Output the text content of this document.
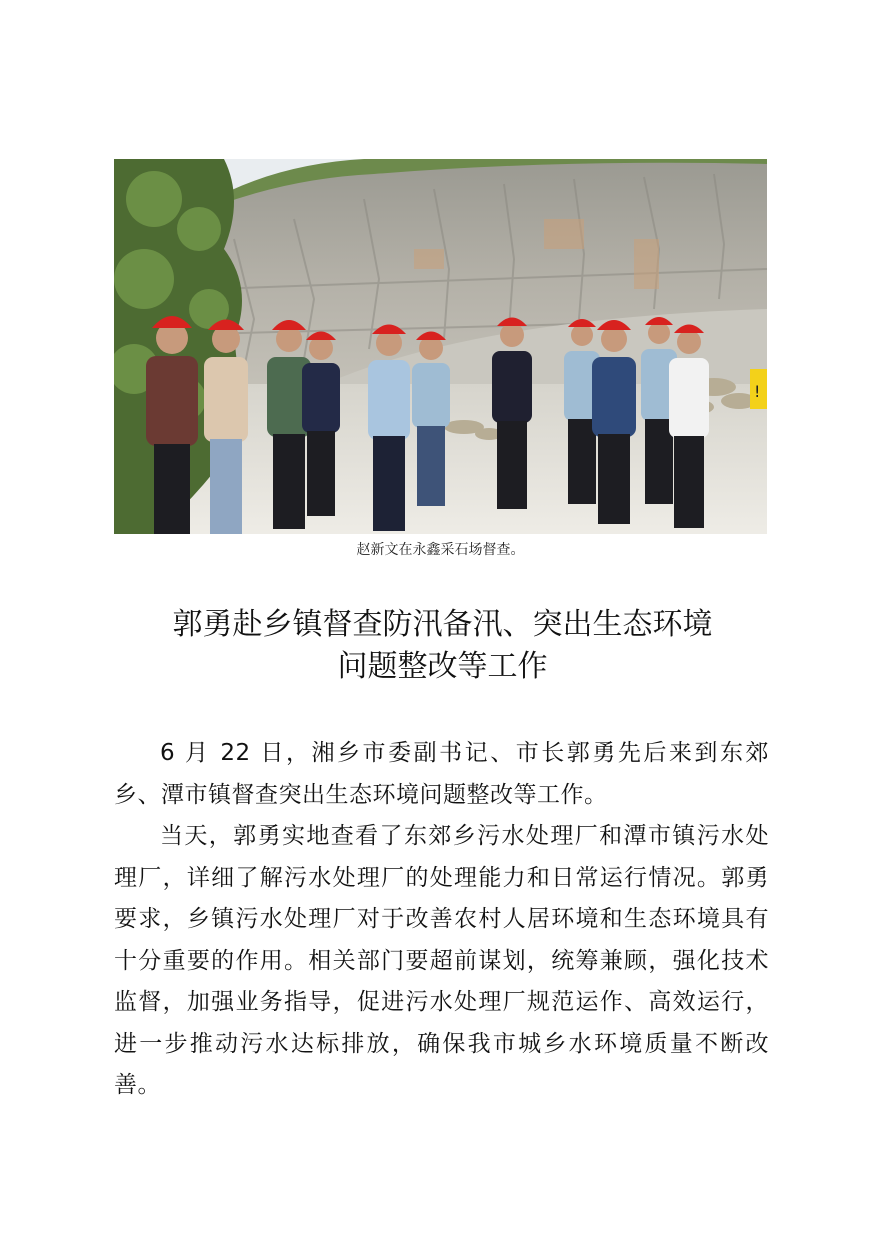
!
赵新文在永鑫采石场督查。
郭勇赴乡镇督查防汛备汛、突出生态环境
问题整改等工作

6 月 22 日，湘乡市委副书记、市长郭勇先后来到东郊乡、潭市镇督查突出生态环境问题整改等工作。

当天，郭勇实地查看了东郊乡污水处理厂和潭市镇污水处理厂，详细了解污水处理厂的处理能力和日常运行情况。郭勇要求，乡镇污水处理厂对于改善农村人居环境和生态环境具有十分重要的作用。相关部门要超前谋划，统筹兼顾，强化技术监督，加强业务指导，促进污水处理厂规范运作、高效运行，进一步推动污水达标排放，确保我市城乡水环境质量不断改善。
